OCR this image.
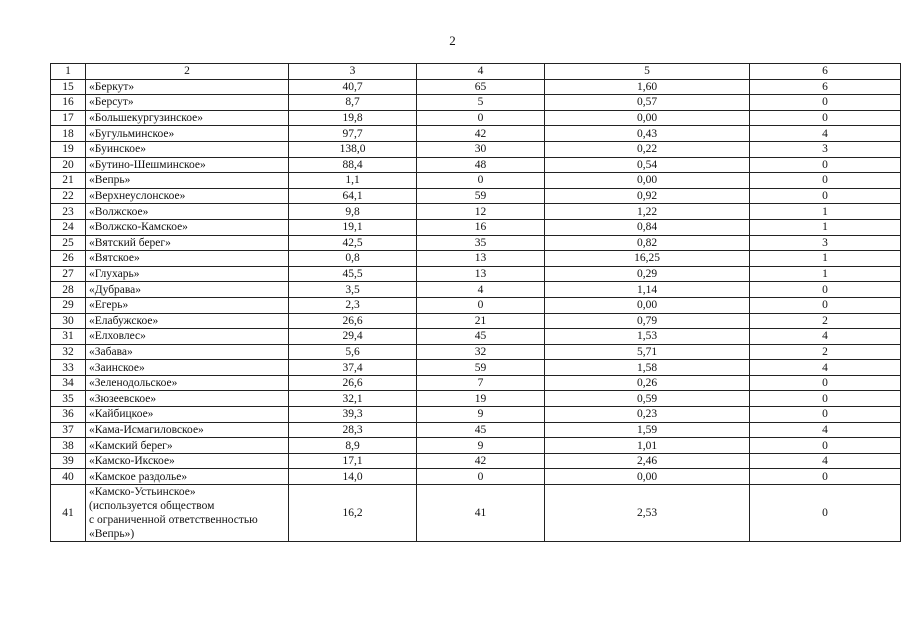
2
1	2	3	4	5	6
15	«Беркут»	40,7	65	1,60	6
16	«Берсут»	8,7	5	0,57	0
17	«Большекургузинское»	19,8	0	0,00	0
18	«Бугульминское»	97,7	42	0,43	4
19	«Буинское»	138,0	30	0,22	3
20	«Бутино-Шешминское»	88,4	48	0,54	0
21	«Вепрь»	1,1	0	0,00	0
22	«Верхнеуслонское»	64,1	59	0,92	0
23	«Волжское»	9,8	12	1,22	1
24	«Волжско-Камское»	19,1	16	0,84	1
25	«Вятский берег»	42,5	35	0,82	3
26	«Вятское»	0,8	13	16,25	1
27	«Глухарь»	45,5	13	0,29	1
28	«Дубрава»	3,5	4	1,14	0
29	«Егерь»	2,3	0	0,00	0
30	«Елабужское»	26,6	21	0,79	2
31	«Елховлес»	29,4	45	1,53	4
32	«Забава»	5,6	32	5,71	2
33	«Заинское»	37,4	59	1,58	4
34	«Зеленодольское»	26,6	7	0,26	0
35	«Зюзеевское»	32,1	19	0,59	0
36	«Кайбицкое»	39,3	9	0,23	0
37	«Кама-Исмагиловское»	28,3	45	1,59	4
38	«Камский берег»	8,9	9	1,01	0
39	«Камско-Икское»	17,1	42	2,46	4
40	«Камское раздолье»	14,0	0	0,00	0
41	«Камско-Устьинское»
(используется обществом
с ограниченной ответственностью
«Вепрь»)	16,2	41	2,53	0
